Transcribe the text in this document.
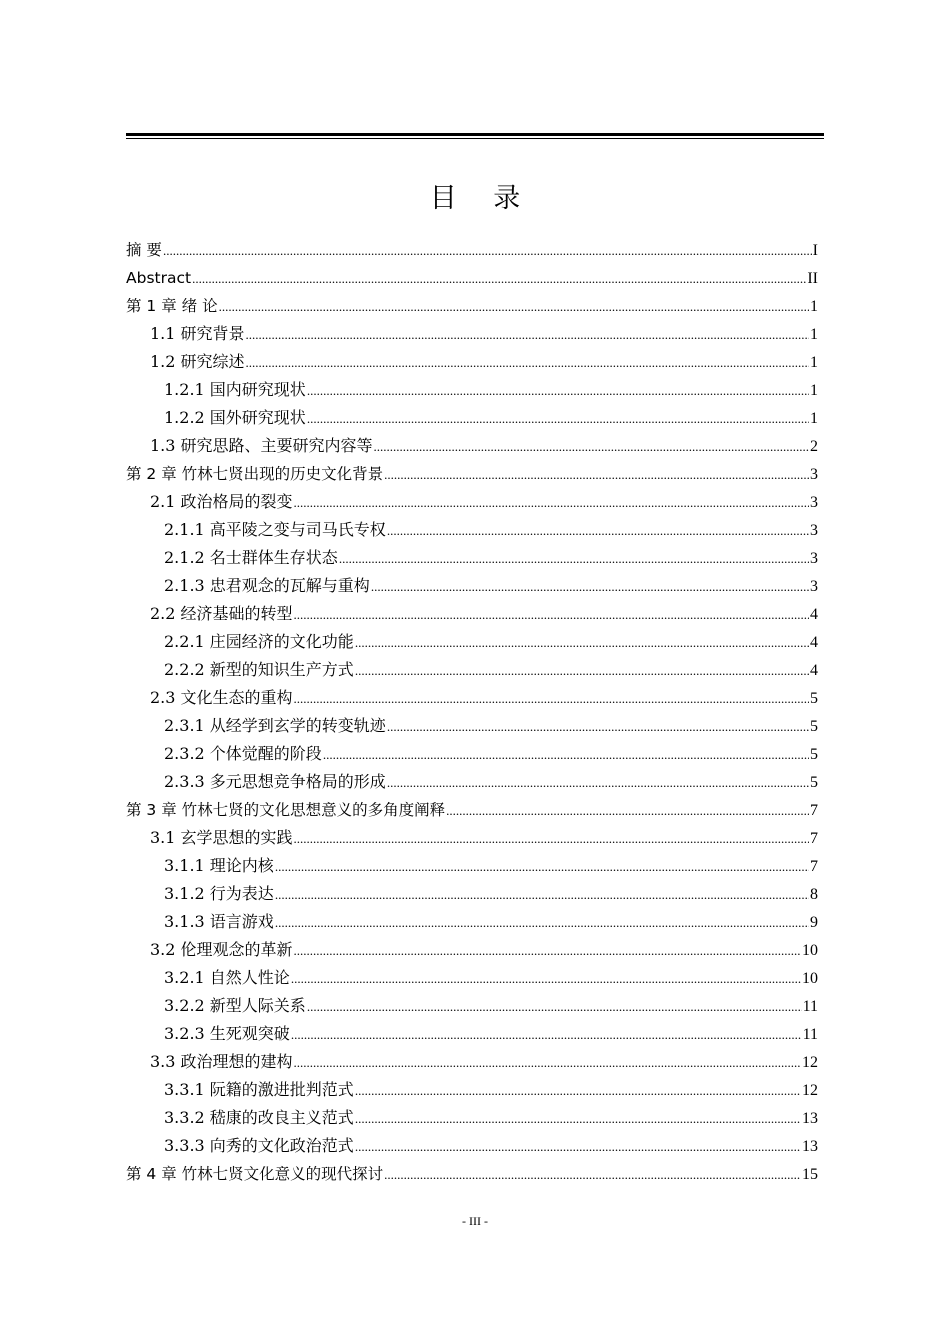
目 录
摘 要 .....	I
Abstract .....	II
第 1 章 绪 论 .....	1
1.1 研究背景 .....	1
1.2 研究综述 .....	1
1.2.1 国内研究现状 .....	1
1.2.2 国外研究现状 .....	1
1.3 研究思路、主要研究内容等 .....	2
第 2 章 竹林七贤出现的历史文化背景 .....	3
2.1 政治格局的裂变 .....	3
2.1.1 高平陵之变与司马氏专权 .....	3
2.1.2 名士群体生存状态 .....	3
2.1.3 忠君观念的瓦解与重构 .....	3
2.2 经济基础的转型 .....	4
2.2.1 庄园经济的文化功能 .....	4
2.2.2 新型的知识生产方式 .....	4
2.3 文化生态的重构 .....	5
2.3.1 从经学到玄学的转变轨迹 .....	5
2.3.2 个体觉醒的阶段 .....	5
2.3.3 多元思想竞争格局的形成 .....	5
第 3 章 竹林七贤的文化思想意义的多角度阐释 .....	7
3.1 玄学思想的实践 .....	7
3.1.1 理论内核 .....	7
3.1.2 行为表达 .....	8
3.1.3 语言游戏 .....	9
3.2 伦理观念的革新 .....	10
3.2.1 自然人性论 .....	10
3.2.2 新型人际关系 .....	11
3.2.3 生死观突破 .....	11
3.3 政治理想的建构 .....	12
3.3.1 阮籍的激进批判范式 .....	12
3.3.2 嵇康的改良主义范式 .....	13
3.3.3 向秀的文化政治范式 .....	13
第 4 章 竹林七贤文化意义的现代探讨 .....	15
- III -
